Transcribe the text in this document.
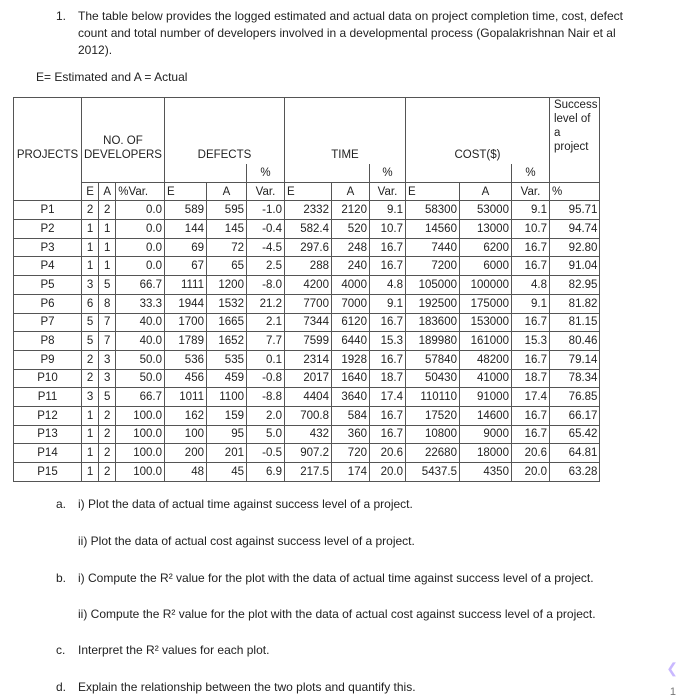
1. The table below provides the logged estimated and actual data on project completion time, cost, defect
count and total number of developers involved in a developmental process (Gopalakrishnan Nair et al
2012).
E= Estimated and A = Actual
PROJECTS	NO. OF
DEVELOPERS			DEFECTS			TIME			COST($)			Success
level of
a
project
						%			%			%	
	E	A	%Var.	E	A	Var.	E	A	Var.	E	A	Var.	%
P1	2	2	0.0	589	595	-1.0	2332	2120	9.1	58300	53000	9.1	95.71
P2	1	1	0.0	144	145	-0.4	582.4	520	10.7	14560	13000	10.7	94.74
P3	1	1	0.0	69	72	-4.5	297.6	248	16.7	7440	6200	16.7	92.80
P4	1	1	0.0	67	65	2.5	288	240	16.7	7200	6000	16.7	91.04
P5	3	5	66.7	1111	1200	-8.0	4200	4000	4.8	105000	100000	4.8	82.95
P6	6	8	33.3	1944	1532	21.2	7700	7000	9.1	192500	175000	9.1	81.82
P7	5	7	40.0	1700	1665	2.1	7344	6120	16.7	183600	153000	16.7	81.15
P8	5	7	40.0	1789	1652	7.7	7599	6440	15.3	189980	161000	15.3	80.46
P9	2	3	50.0	536	535	0.1	2314	1928	16.7	57840	48200	16.7	79.14
P10	2	3	50.0	456	459	-0.8	2017	1640	18.7	50430	41000	18.7	78.34
P11	3	5	66.7	1011	1100	-8.8	4404	3640	17.4	110110	91000	17.4	76.85
P12	1	2	100.0	162	159	2.0	700.8	584	16.7	17520	14600	16.7	66.17
P13	1	2	100.0	100	95	5.0	432	360	16.7	10800	9000	16.7	65.42
P14	1	2	100.0	200	201	-0.5	907.2	720	20.6	22680	18000	20.6	64.81
P15	1	2	100.0	48	45	6.9	217.5	174	20.0	5437.5	4350	20.0	63.28
a. i) Plot the data of actual time against success level of a project.
ii) Plot the data of actual cost against success level of a project.
b. i) Compute the R² value for the plot with the data of actual time against success level of a project.
ii) Compute the R² value for the plot with the data of actual cost against success level of a project.
c. Interpret the R² values for each plot.
d. Explain the relationship between the two plots and quantify this.
❮
1
